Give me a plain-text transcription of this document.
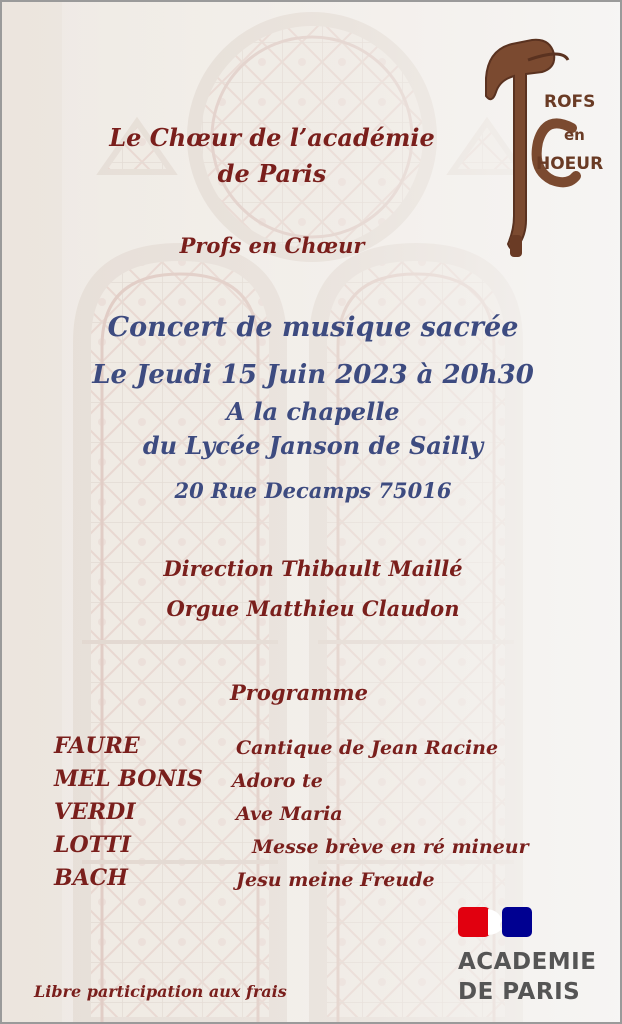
ROFS
en
HOEUR

Le Chœur de l’académie

de Paris

Profs en Chœur

Concert de musique sacrée

Le Jeudi 15 Juin 2023 à 20h30

A la chapelle

du Lycée Janson de Sailly

20 Rue Decamps 75016

Direction Thibault Maillé

Orgue Matthieu Claudon

Programme

FAURE	Cantique de Jean Racine

MEL BONIS Adoro te

VERDI	Ave Maria

LOTTI	Messe brève en ré mineur

BACH	Jesu meine Freude

Libre participation aux frais

ACADEMIE
DE PARIS
